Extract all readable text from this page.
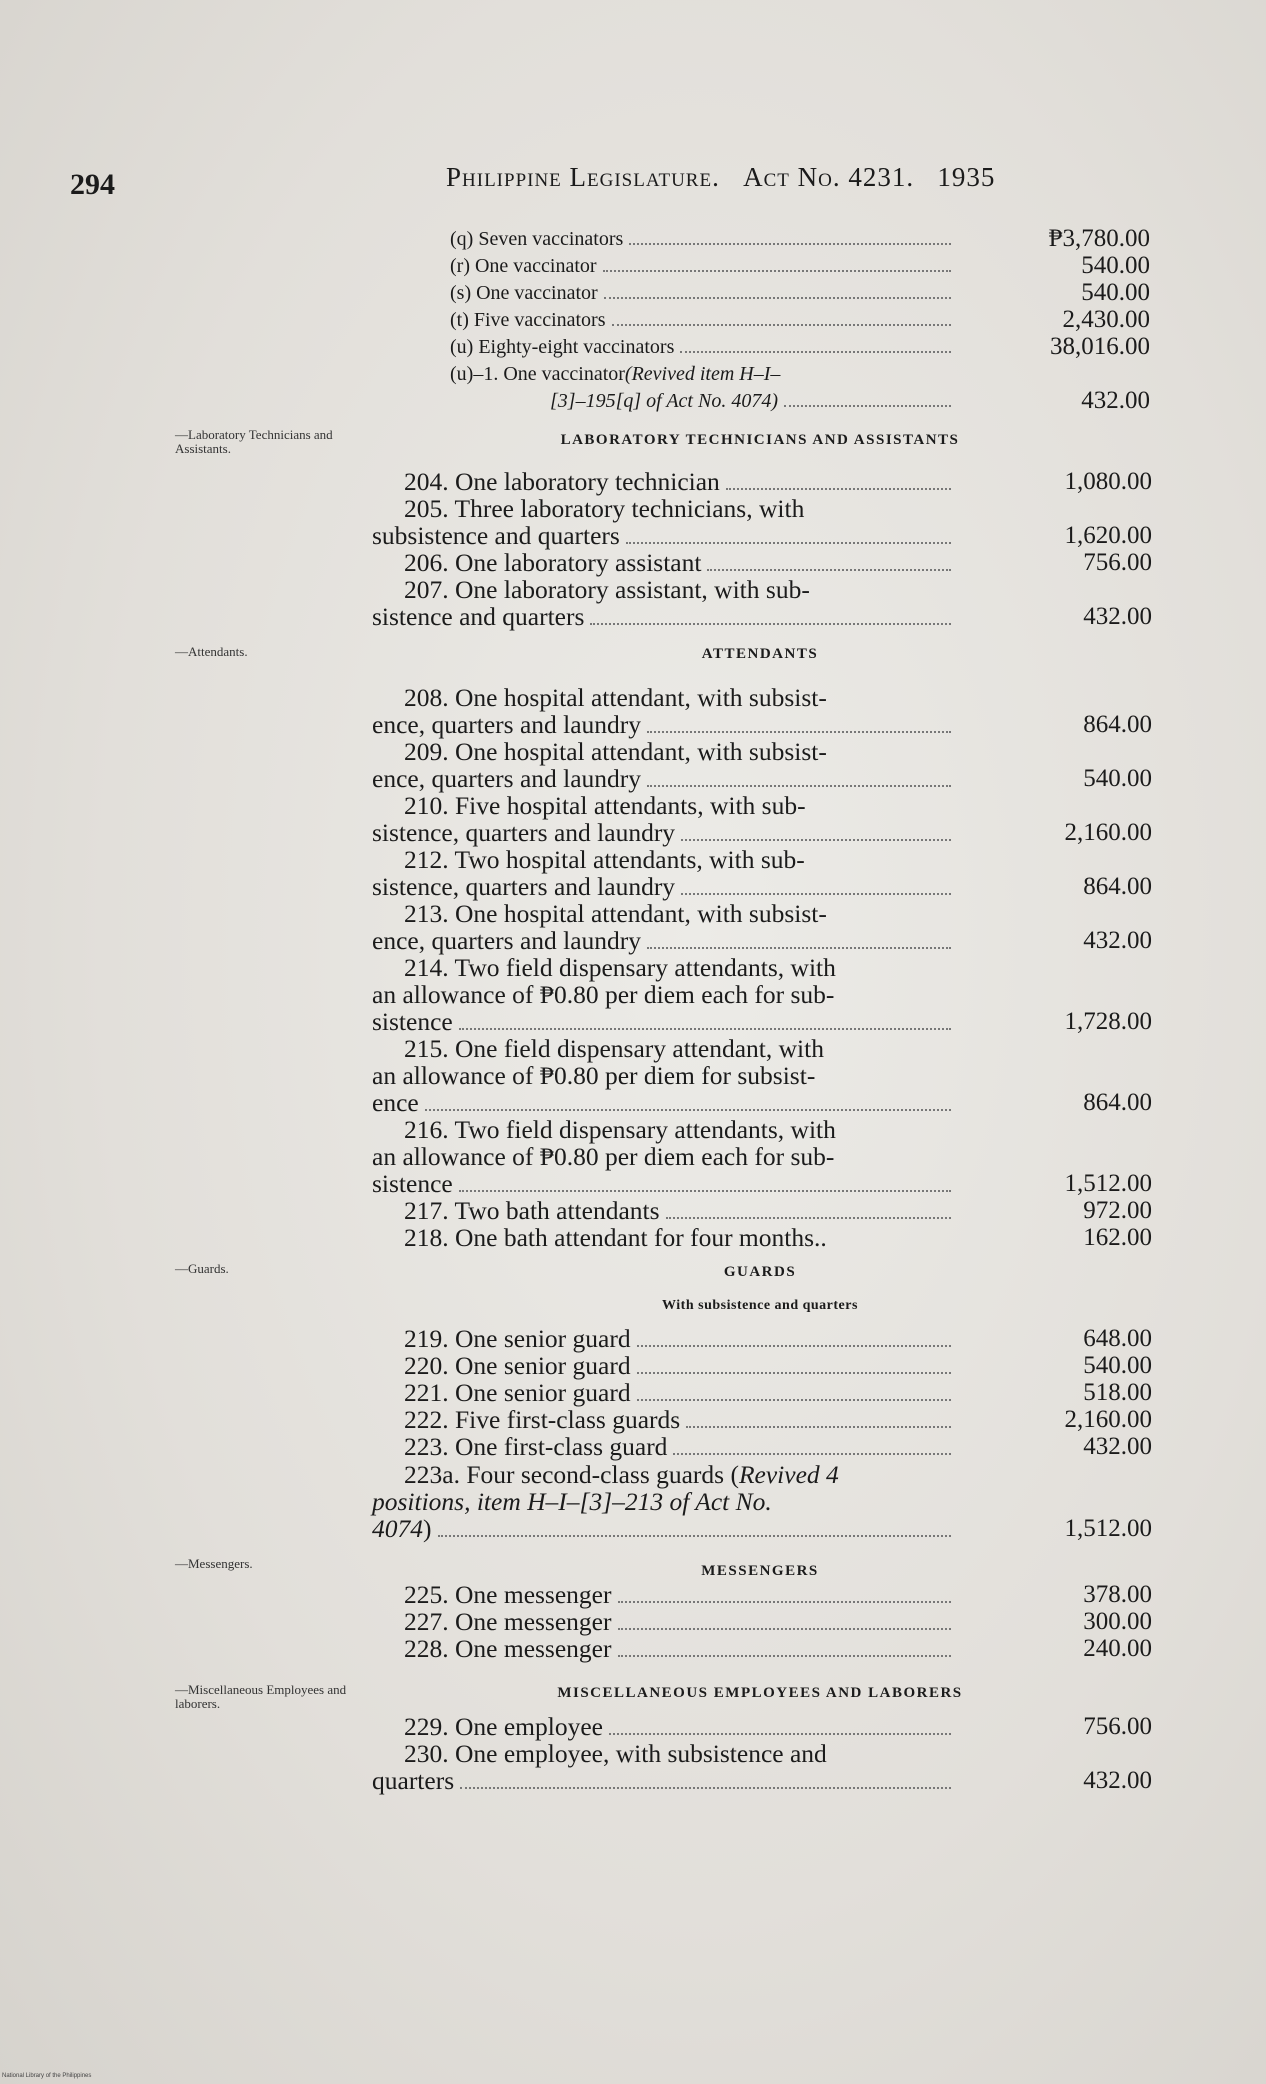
294	Philippine Legislature. Act No. 4231. 1935
(q) Seven vaccinators	₱3,780.00
(r) One vaccinator	540.00
(s) One vaccinator	540.00
(t) Five vaccinators	2,430.00
(u) Eighty-eight vaccinators	38,016.00
(u)–1. One vaccinator (Revived item H–I–
[3]–195[q] of Act No. 4074)	432.00
—Laboratory Technicians and Assistants.
LABORATORY TECHNICIANS AND ASSISTANTS
204. One laboratory technician	1,080.00
205. Three laboratory technicians, with
subsistence and quarters	1,620.00
206. One laboratory assistant	756.00
207. One laboratory assistant, with sub-
sistence and quarters	432.00
—Attendants.	ATTENDANTS
208. One hospital attendant, with subsist-
ence, quarters and laundry	864.00
209. One hospital attendant, with subsist-
ence, quarters and laundry	540.00
210. Five hospital attendants, with sub-
sistence, quarters and laundry	2,160.00
212. Two hospital attendants, with sub-
sistence, quarters and laundry	864.00
213. One hospital attendant, with subsist-
ence, quarters and laundry	432.00
214. Two field dispensary attendants, with
an allowance of ₱0.80 per diem each for sub-
sistence	1,728.00
215. One field dispensary attendant, with
an allowance of ₱0.80 per diem for subsist-
ence	864.00
216. Two field dispensary attendants, with
an allowance of ₱0.80 per diem each for sub-
sistence	1,512.00
217. Two bath attendants	972.00
218. One bath attendant for four months..	162.00
—Guards.	GUARDS
With subsistence and quarters
219. One senior guard	648.00
220. One senior guard	540.00
221. One senior guard	518.00
222. Five first-class guards	2,160.00
223. One first-class guard	432.00
223a. Four second-class guards (Revived 4
positions, item H–I–[3]–213 of Act No.
4074 )	1,512.00
—Messengers.	MESSENGERS
225. One messenger	378.00
227. One messenger	300.00
228. One messenger	240.00
—Miscellaneous Employees and laborers.
MISCELLANEOUS EMPLOYEES AND LABORERS
229. One employee	756.00
230. One employee, with subsistence and
quarters	432.00
National Library of the Philippines
